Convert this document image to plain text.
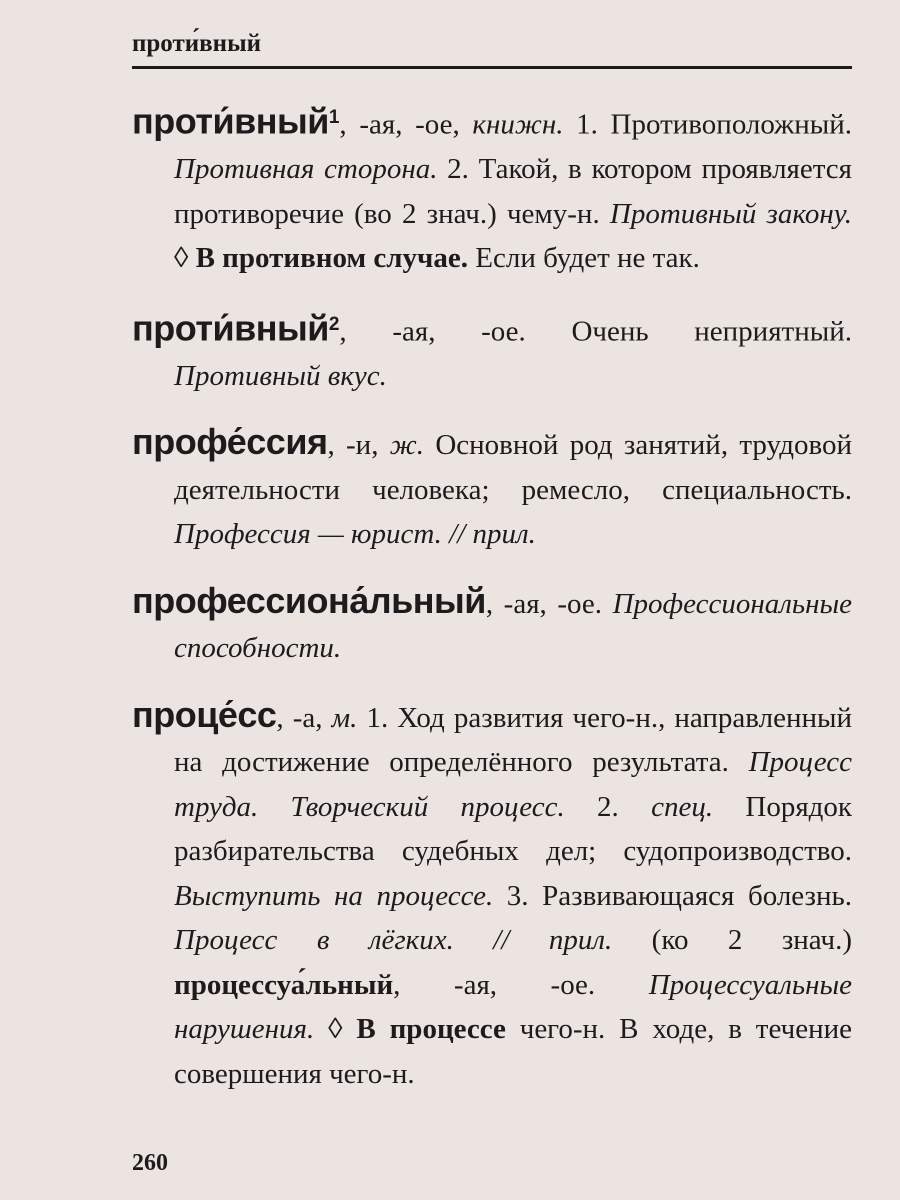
проти́вный

проти́вный$^1$, -ая, -ое, книжн. 1. Противоположный. Противная сторона. 2. Такой, в котором проявляется противоречие (во 2 знач.) чему-н. Противный закону. ◊ В противном случае. Если будет не так.

проти́вный$^2$, -ая, -ое. Очень неприятный. Противный вкус.

профе́ссия, -и, ж. Основной род занятий, трудовой деятельности человека; ремесло, специальность. Профессия — юрист. // прил.

профессиона́льный, -ая, -ое. Профессиональные способности.

проце́сс, -а, м. 1. Ход развития чего-н., направленный на достижение определённого результата. Процесс труда. Творческий процесс. 2. спец. Порядок разбирательства судебных дел; судопроизводство. Выступить на процессе. 3. Развивающаяся болезнь. Процесс в лёгких. // прил. (ко 2 знач.) процессуа́льный, -ая, -ое. Процессуальные нарушения. ◊ В процессе чего-н. В ходе, в течение совершения чего-н.

260
